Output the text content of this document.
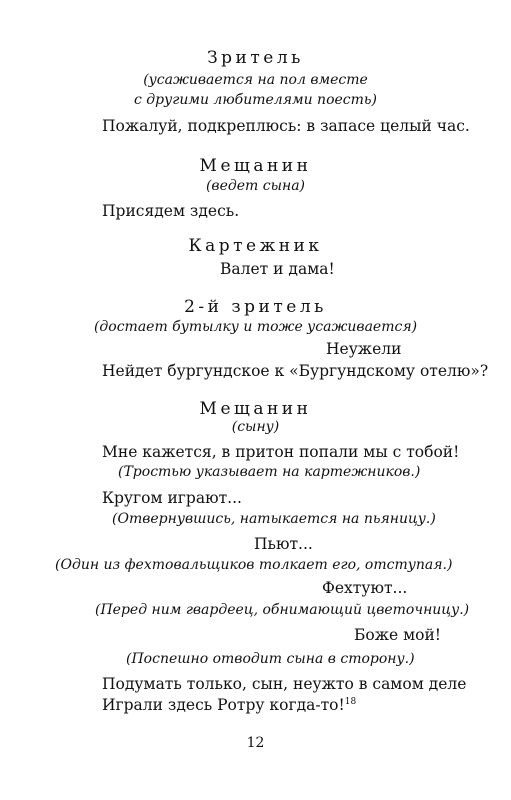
Зритель
(усаживается на пол вместе
с другими любителями поесть)
Пожалуй, подкреплюсь: в запасе целый час.
Мещанин
(ведет сына)
Присядем здесь.
Картежник
Валет и дама!
2-й зритель
(достает бутылку и тоже усаживается)
Неужели
Нейдет бургундское к «Бургундскому отелю»?
Мещанин
(сыну)
Мне кажется, в притон попали мы с тобой!
(Тростью указывает на картежников.)
Кругом играют...
(Отвернувшись, натыкается на пьяницу.)
Пьют...
(Один из фехтовальщиков толкает его, отступая.)
Фехтуют...
(Перед ним гвардеец, обнимающий цветочницу.)
Боже мой!
(Поспешно отводит сына в сторону.)
Подумать только, сын, неужто в самом деле
Играли здесь Ротру когда-то!$^{18}$
12
